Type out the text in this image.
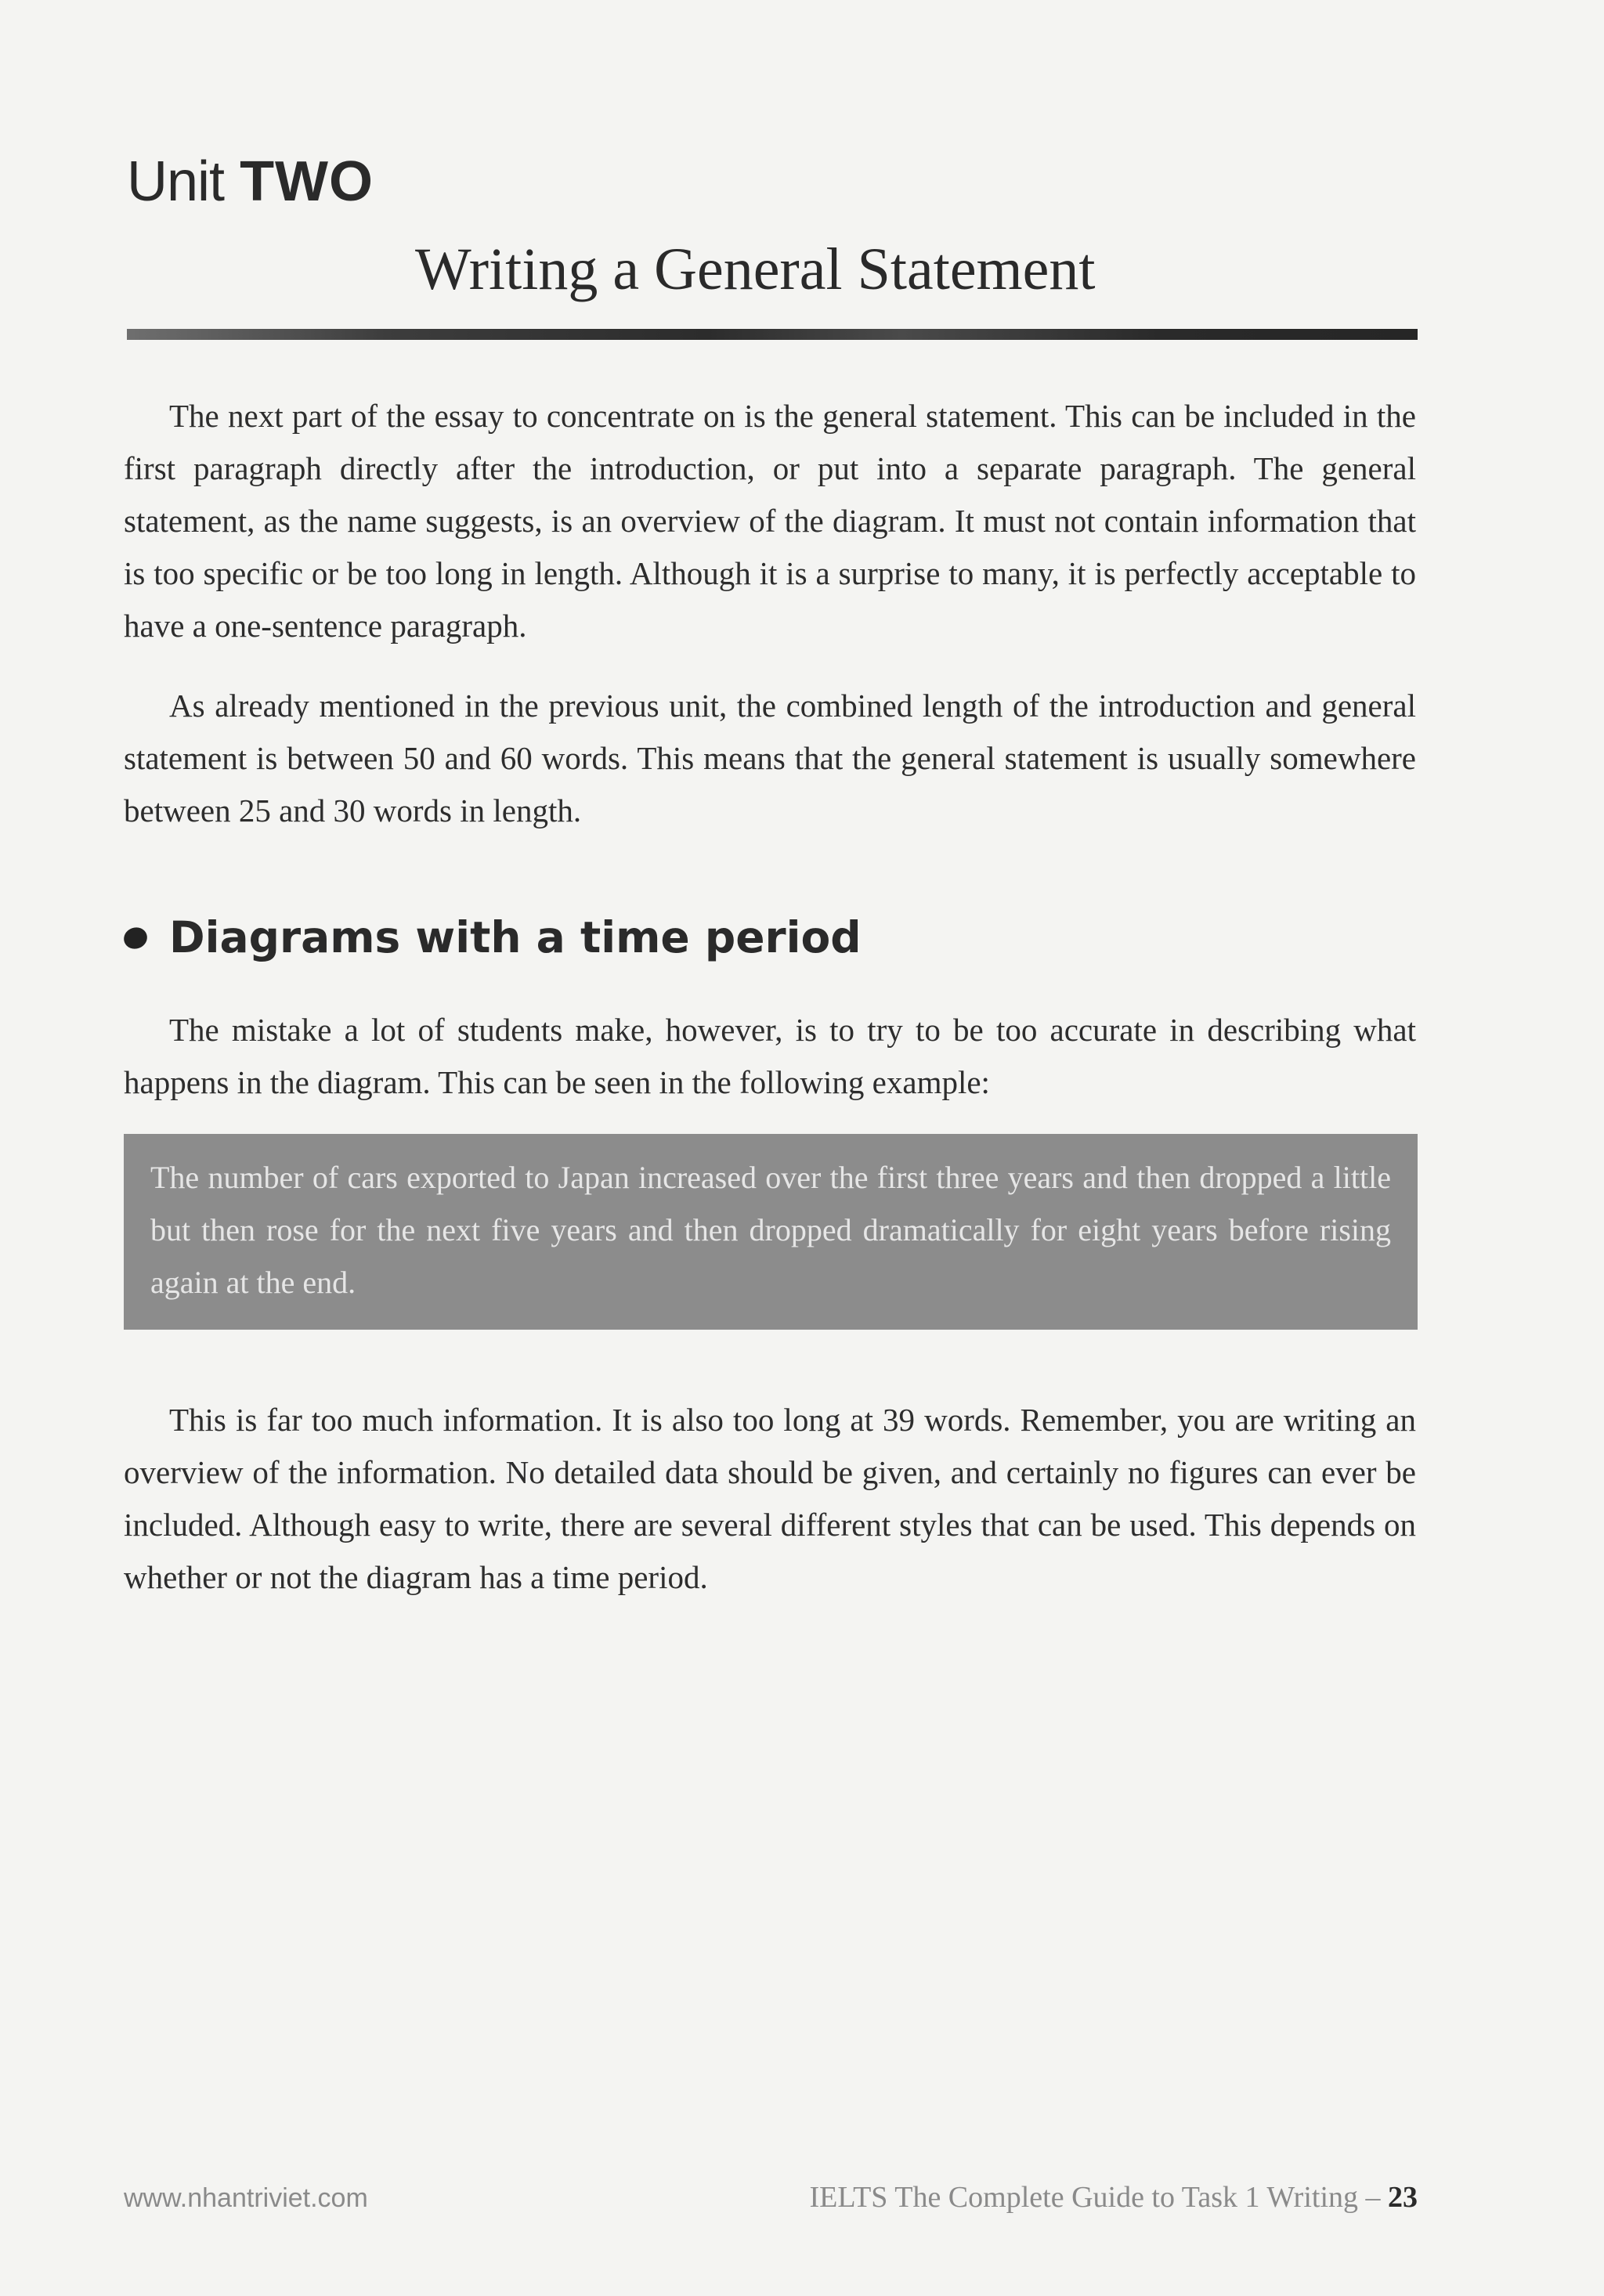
Unit TWO
Writing a General Statement

The next part of the essay to concentrate on is the general statement. This can be included in the first paragraph directly after the introduction, or put into a separate paragraph. The general statement, as the name suggests, is an overview of the diagram. It must not contain information that is too specific or be too long in length. Although it is a surprise to many, it is perfectly acceptable to have a one-sentence paragraph.

As already mentioned in the previous unit, the combined length of the introduction and general statement is between 50 and 60 words. This means that the general statement is usually somewhere between 25 and 30 words in length.

Diagrams with a time period

The mistake a lot of students make, however, is to try to be too accurate in describing what happens in the diagram. This can be seen in the following example:

The number of cars exported to Japan increased over the first three years and then dropped a little but then rose for the next five years and then dropped dramatically for eight years before rising again at the end.

This is far too much information. It is also too long at 39 words. Remember, you are writing an overview of the information. No detailed data should be given, and certainly no figures can ever be included. Although easy to write, there are several different styles that can be used. This depends on whether or not the diagram has a time period.

www.nhantriviet.com	IELTS The Complete Guide to Task 1 Writing – 23
